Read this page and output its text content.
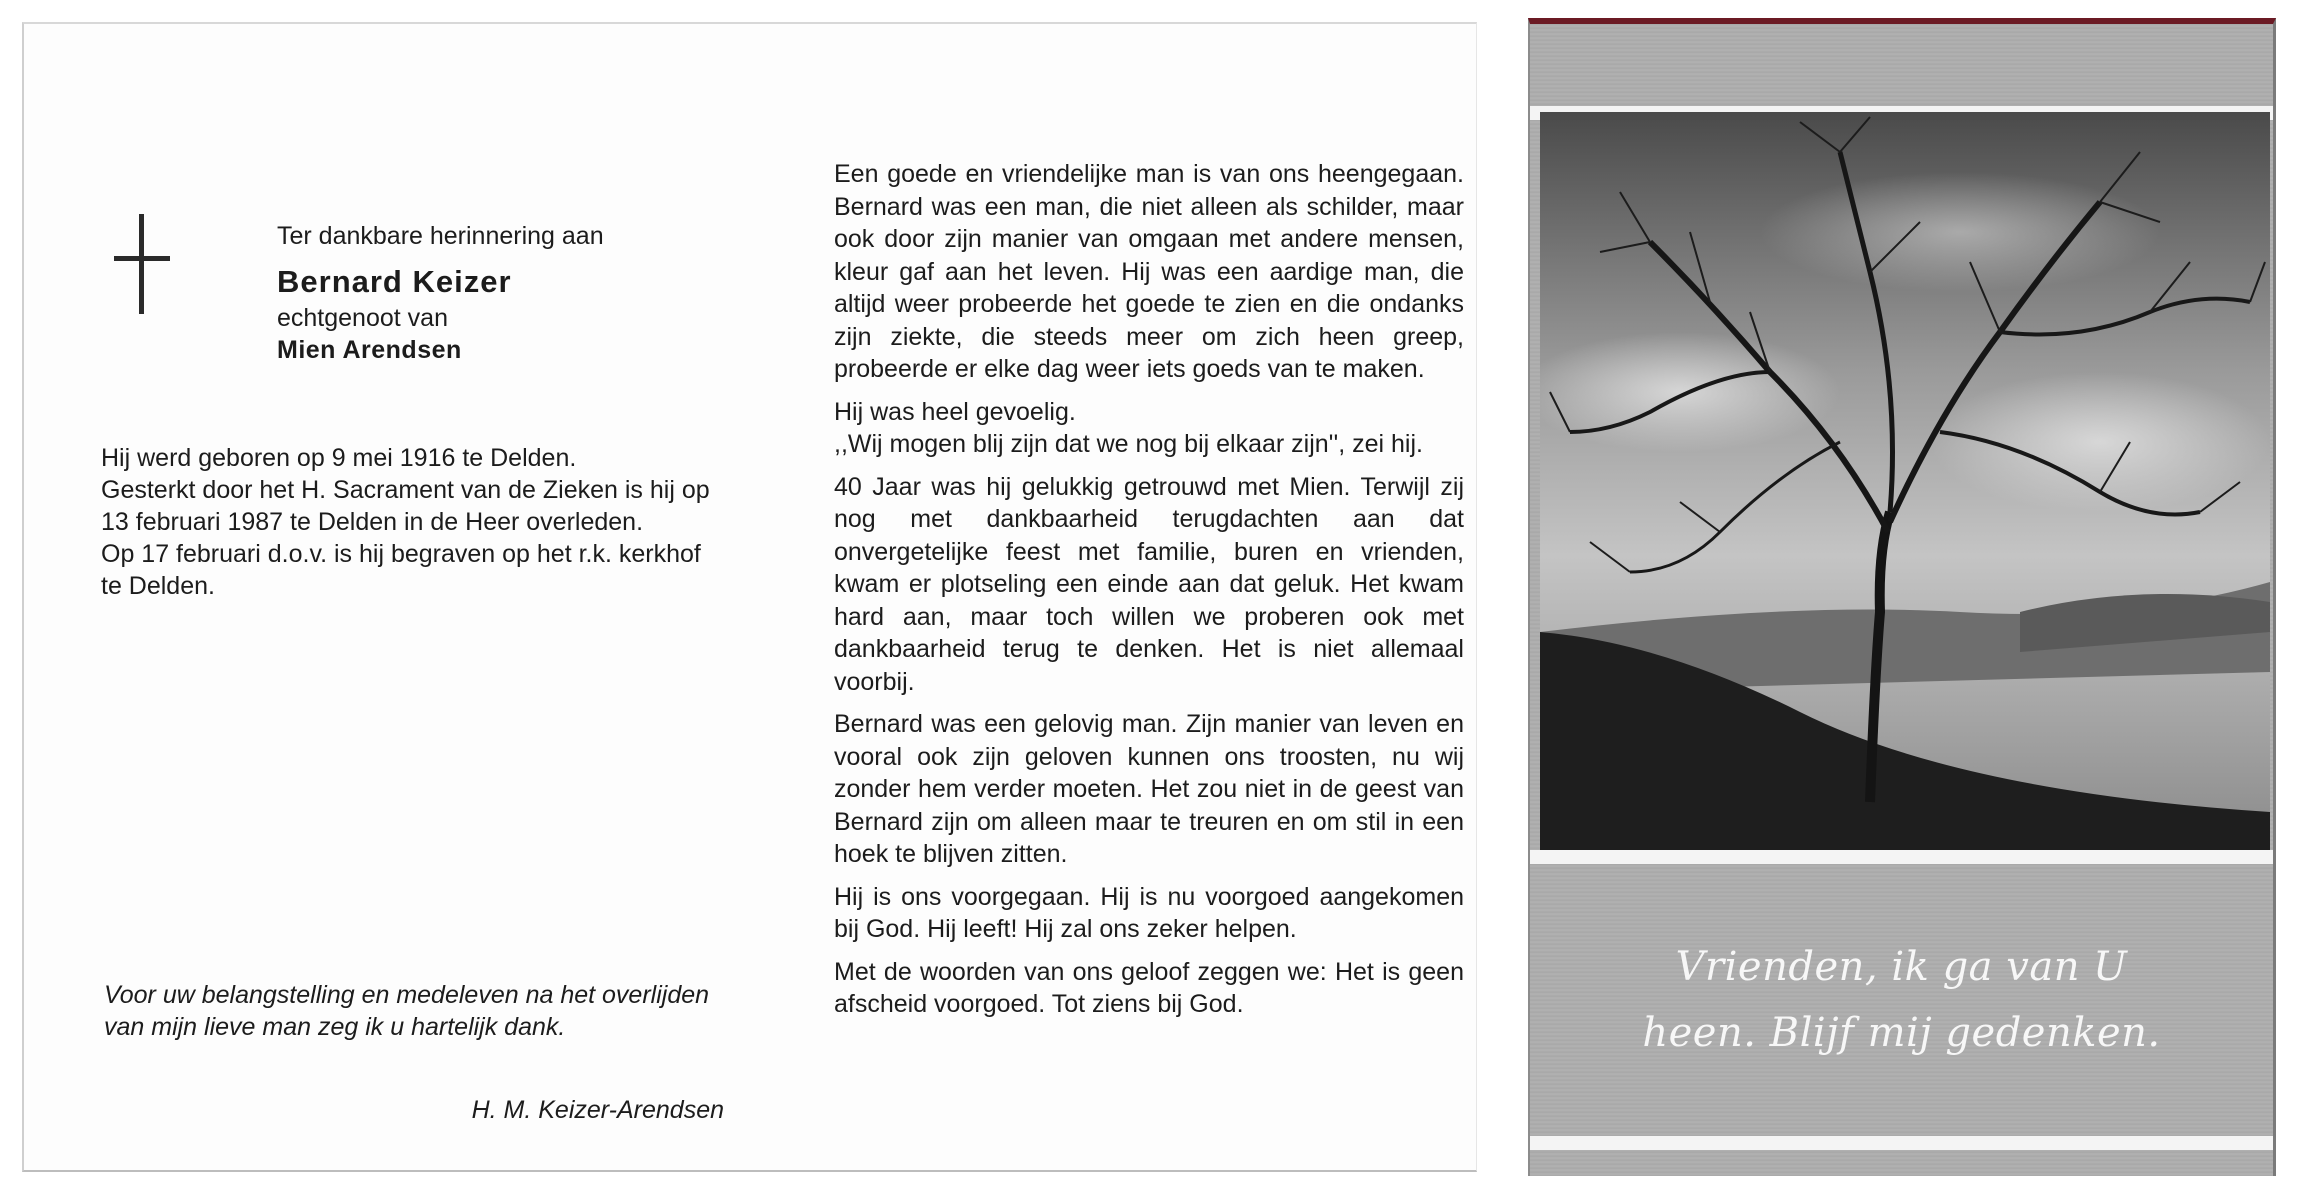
Ter dankbare herinnering aan
Bernard Keizer
echtgenoot van
Mien Arendsen

Hij werd geboren op 9 mei 1916 te Delden.

Gesterkt door het H. Sacrament van de Zieken is hij op 13 februari 1987 te Delden in de Heer overleden.

Op 17 februari d.o.v. is hij begraven op het r.k. kerkhof te Delden.

Voor uw belangstelling en medeleven na het overlijden van mijn lieve man zeg ik u hartelijk dank.
H. M. Keizer-Arendsen

Een goede en vriendelijke man is van ons heengegaan. Bernard was een man, die niet alleen als schilder, maar ook door zijn manier van omgaan met andere mensen, kleur gaf aan het leven. Hij was een aardige man, die altijd weer probeerde het goede te zien en die ondanks zijn ziekte, die steeds meer om zich heen greep, probeerde er elke dag weer iets goeds van te maken.

Hij was heel gevoelig.

,,Wij mogen blij zijn dat we nog bij elkaar zijn'', zei hij.

40 Jaar was hij gelukkig getrouwd met Mien. Terwijl zij nog met dankbaarheid terugdachten aan dat onvergetelijke feest met familie, buren en vrienden, kwam er plotseling een einde aan dat geluk. Het kwam hard aan, maar toch willen we proberen ook met dankbaarheid terug te denken. Het is niet allemaal voorbij.

Bernard was een gelovig man. Zijn manier van leven en vooral ook zijn geloven kunnen ons troosten, nu wij zonder hem verder moeten. Het zou niet in de geest van Bernard zijn om alleen maar te treuren en om stil in een hoek te blijven zitten.

Hij is ons voorgegaan. Hij is nu voorgoed aangekomen bij God. Hij leeft! Hij zal ons zeker helpen.

Met de woorden van ons geloof zeggen we: Het is geen afscheid voorgoed. Tot ziens bij God.

Vrienden, ik ga van U
heen. Blijf mij gedenken.
